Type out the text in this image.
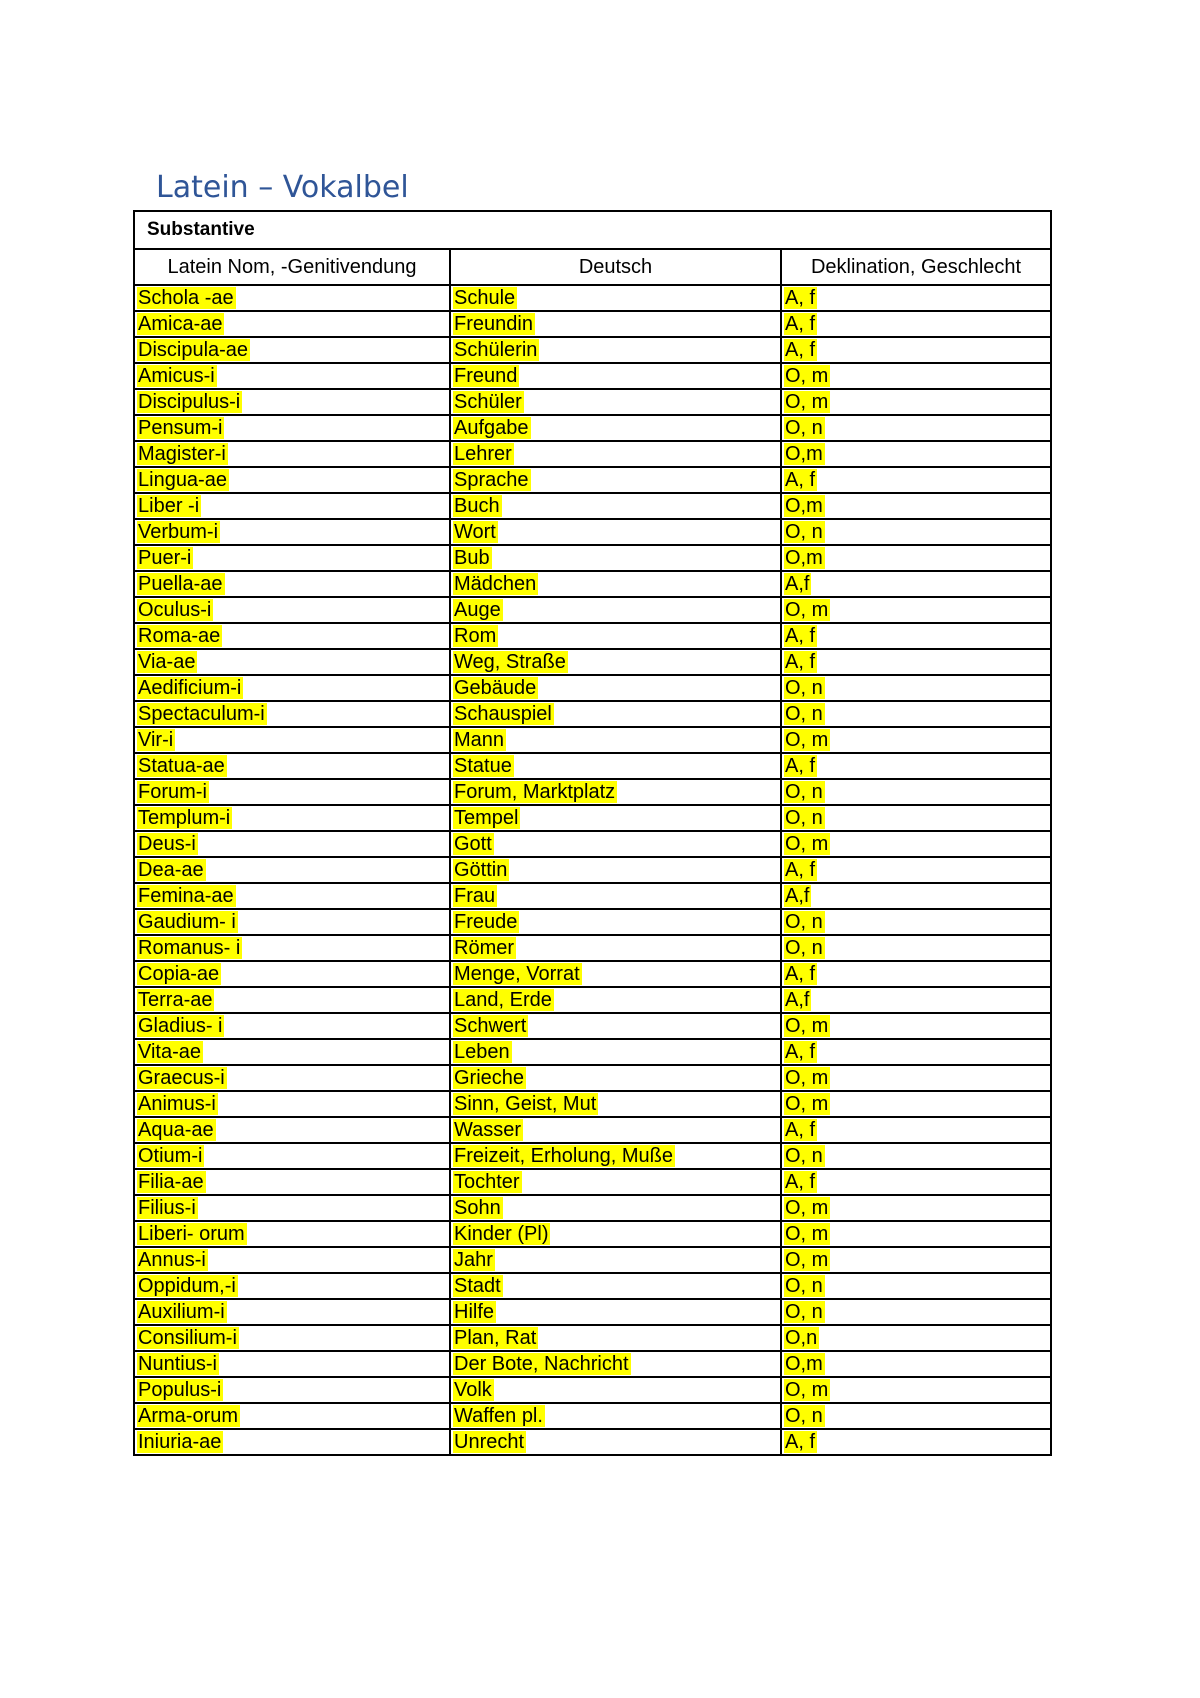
Latein – Vokalbel
Substantive		
Latein Nom, -Genitivendung	Deutsch	Deklination, Geschlecht
Schola -ae	Schule	A, f
Amica-ae	Freundin	A, f
Discipula-ae	Schülerin	A, f
Amicus-i	Freund	O, m
Discipulus-i	Schüler	O, m
Pensum-i	Aufgabe	O, n
Magister-i	Lehrer	O,m
Lingua-ae	Sprache	A, f
Liber -i	Buch	O,m
Verbum-i	Wort	O, n
Puer-i	Bub	O,m
Puella-ae	Mädchen	A,f
Oculus-i	Auge	O, m
Roma-ae	Rom	A, f
Via-ae	Weg, Straße	A, f
Aedificium-i	Gebäude	O, n
Spectaculum-i	Schauspiel	O, n
Vir-i	Mann	O, m
Statua-ae	Statue	A, f
Forum-i	Forum, Marktplatz	O, n
Templum-i	Tempel	O, n
Deus-i	Gott	O, m
Dea-ae	Göttin	A, f
Femina-ae	Frau	A,f
Gaudium- i	Freude	O, n
Romanus- i	Römer	O, n
Copia-ae	Menge, Vorrat	A, f
Terra-ae	Land, Erde	A,f
Gladius- i	Schwert	O, m
Vita-ae	Leben	A, f
Graecus-i	Grieche	O, m
Animus-i	Sinn, Geist, Mut	O, m
Aqua-ae	Wasser	A, f
Otium-i	Freizeit, Erholung, Muße	O, n
Filia-ae	Tochter	A, f
Filius-i	Sohn	O, m
Liberi- orum	Kinder (Pl)	O, m
Annus-i	Jahr	O, m
Oppidum,-i	Stadt	O, n
Auxilium-i	Hilfe	O, n
Consilium-i	Plan, Rat	O,n
Nuntius-i	Der Bote, Nachricht	O,m
Populus-i	Volk	O, m
Arma-orum	Waffen pl.	O, n
Iniuria-ae	Unrecht	A, f
